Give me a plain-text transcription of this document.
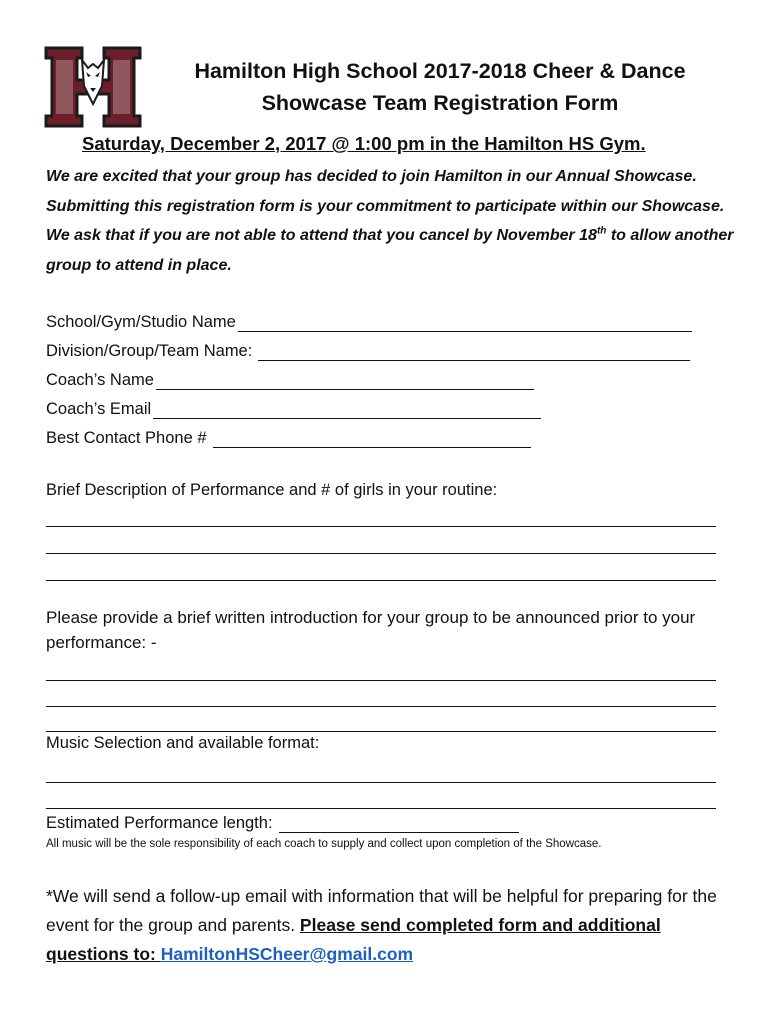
Hamilton High School 2017-2018 Cheer & Dance
Showcase Team Registration Form
Saturday, December 2, 2017 @ 1:00 pm in the Hamilton HS Gym.
We are excited that your group has decided to join Hamilton in our Annual Showcase. Submitting this registration form is your commitment to participate within our Showcase. We ask that if you are not able to attend that you cancel by November 18th to allow another group to attend in place.
School/Gym/Studio Name
Division/Group/Team Name:
Coach’s Name
Coach’s Email
Best Contact Phone #
Brief Description of Performance and # of girls in your routine:
Please provide a brief written introduction for your group to be announced prior to your performance: -
Music Selection and available format:
Estimated Performance length:
All music will be the sole responsibility of each coach to supply and collect upon completion of the Showcase.
*We will send a follow-up email with information that will be helpful for preparing for the event for the group and parents. Please send completed form and additional questions to: HamiltonHSCheer@gmail.com
